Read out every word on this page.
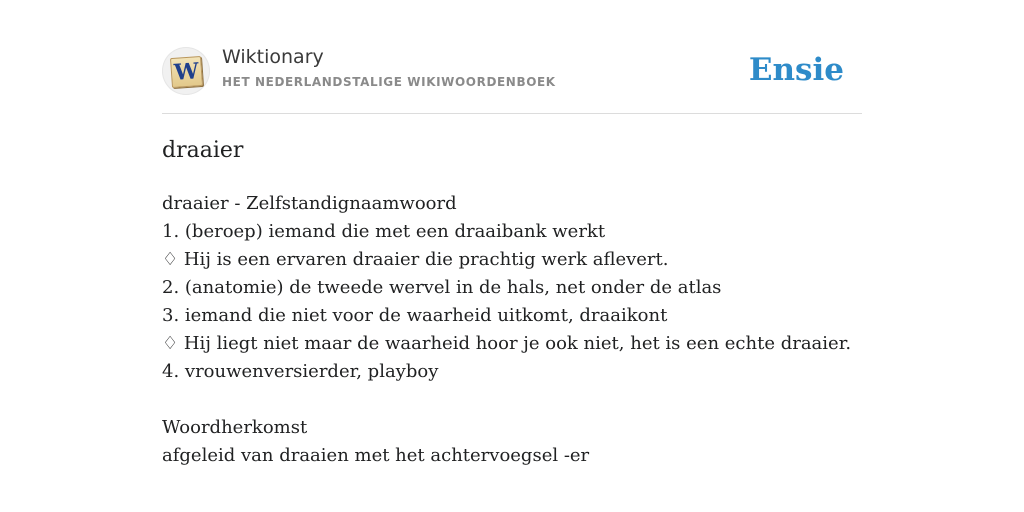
W
Wiktionary
HET NEDERLANDSTALIGE WIKIWOORDENBOEK	Ensie
draaier
draaier - Zelfstandignaamwoord
1. (beroep) iemand die met een draaibank werkt
♢ Hij is een ervaren draaier die prachtig werk aflevert.
2. (anatomie) de tweede wervel in de hals, net onder de atlas
3. iemand die niet voor de waarheid uitkomt, draaikont
♢ Hij liegt niet maar de waarheid hoor je ook niet, het is een echte draaier.
4. vrouwenversierder, playboy
Woordherkomst
afgeleid van draaien met het achtervoegsel -er
